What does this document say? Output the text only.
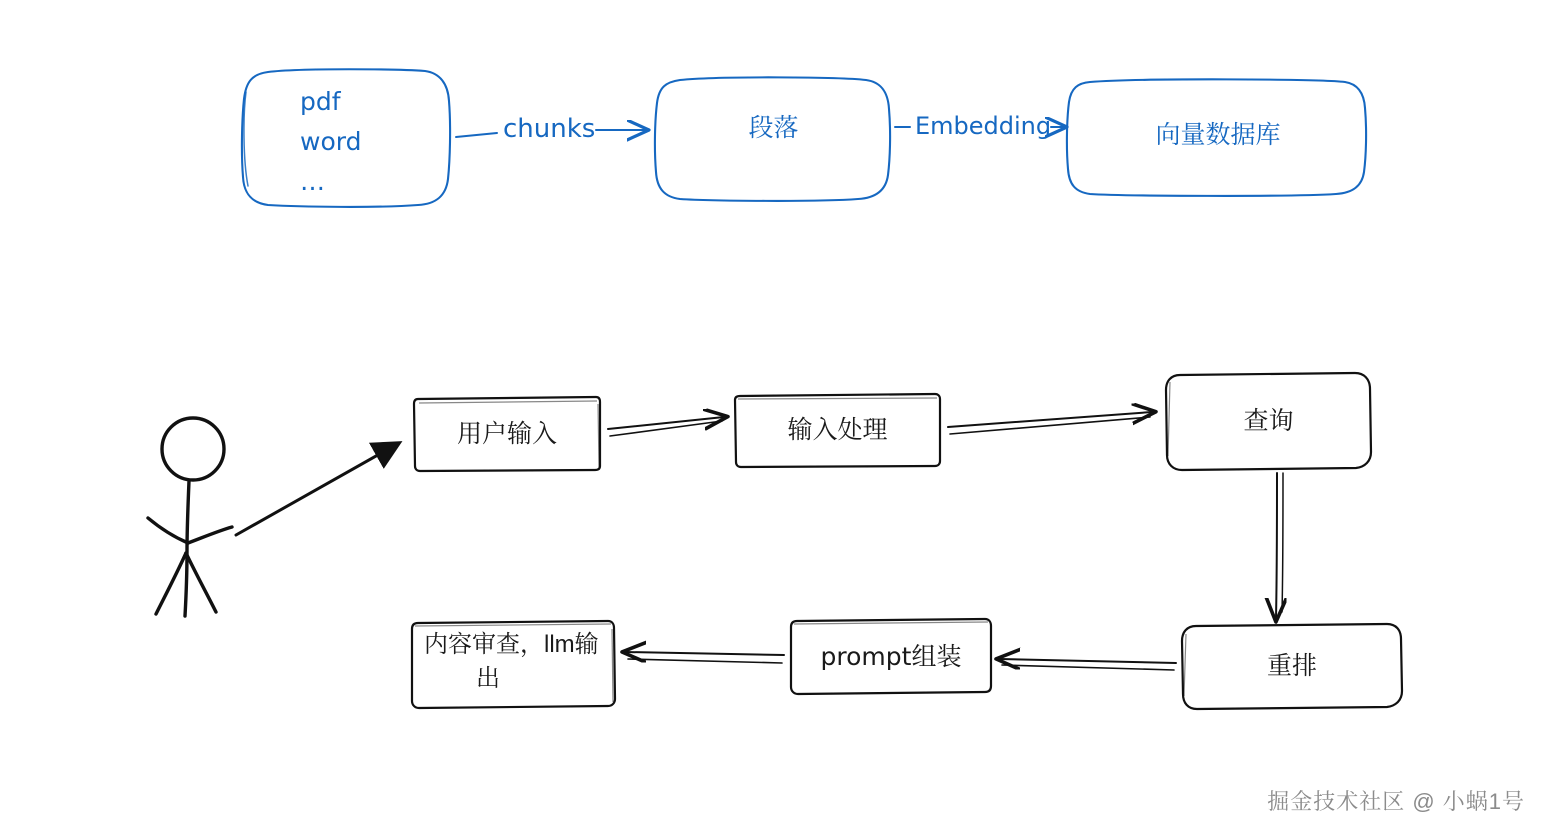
pdf
word
…
段落	向量数据库
chunks	Embedding
用户输入	输入处理	查询
重排
prompt组装
内容审查，llm输
出
掘金技术社区 @ 小蜗1号
